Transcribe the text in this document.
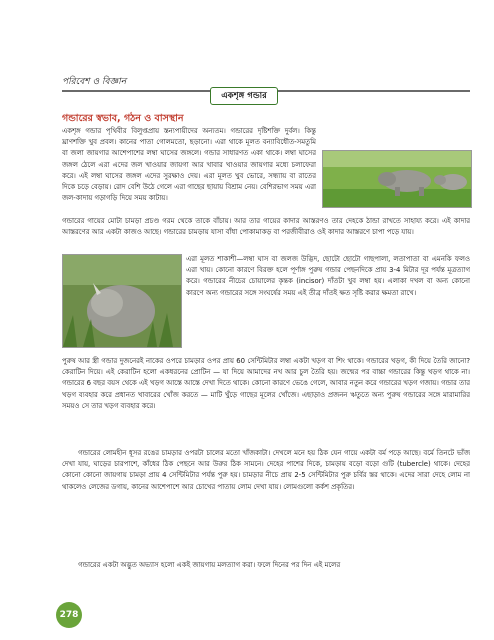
পরিবেশ ও বিজ্ঞান
একশৃঙ্গ গন্ডার
গন্ডারের স্বভাব, গঠন ও বাসস্থান

একশৃঙ্গ গন্ডার পৃথিবীর বিলুপ্তপ্রায় স্তন্যপায়ীদের অন্যতম। গন্ডারের দৃষ্টিশক্তি দুর্বল। কিন্তু ঘ্রাণশক্তি খুব প্রবল। কানের পাতা গোলমতো, ছড়ানো। এরা থাকে মূলত বন্যাবিধৌত-সমতুমি বা জলা জায়গার আশেপাশের লম্বা ঘাসের জঙ্গলে। গন্ডার সাধারণত একা থাকে। লম্বা ঘাসের জঙ্গল ঠেলে এরা এদের জল খাওয়ার জায়গা আর খাবার খাওয়ার জায়গার মধ্যে চলাফেরা করে। এই লম্বা ঘাসের জঙ্গল এদের সুরক্ষাও দেয়। এরা মূলত খুব ভোরে, সন্ধ্যায় বা রাতের দিকে চড়ে বেড়ায়। রোদ বেশি উঠে গেলে এরা গাছের ছায়ায় বিশ্রাম নেয়। বেশিরভাগ সময় এরা জল-কাদায় গড়াগড়ি দিয়ে সময় কাটায়।

গন্ডারের গায়ের মোটা চামড়া প্রচণ্ড গরম থেকে তাকে বাঁচায়। আর তার গায়ের কাদার আস্তরণও তার দেহকে ঠান্ডা রাখতে সাহায্য করে। এই কাদার আস্তরণের আর একটা কাজও আছে। গন্ডারের চামড়ায় যাসা বাঁধা পোকামাকড় বা পরজীবীরাও ওই কাদার আস্তরণে চাপা পড়ে যায়।

এরা মূলত শাকাশী—লম্বা ঘাস বা জলজ উদ্ভিদ, ছোটো ছোটো গাছপালা, লতাপাতা বা এমনকি ফলও এরা খায়। কোনো কারণে বিরক্ত হলে পূর্ণাঙ্গ পুরুষ গন্ডার পেছনদিকে প্রায় 3-4 মিটার দূর পর্যন্ত মূত্রত্যাগ করে। গন্ডারের নীচের চোয়ালের কৃন্তক (incisor) দাঁতটা খুব লম্বা হয়। এলাকা দখল বা অন্য কোনো কারণে অন্য গন্ডারের সঙ্গে সংঘর্ষের সময় এই তীব্র দাঁতই ক্ষত সৃষ্টি করার ক্ষমতা রাখে।

পুরুষ আর স্ত্রী গন্ডার দুজনেরই নাকের ওপরে চামড়ার ওপর প্রায় 60 সেন্টিমিটার লম্বা একটা খড়গ বা শিং থাকে। গন্ডারের খড়গ, কী দিয়ে তৈরি জানো? কেরাটিন দিয়ে। এই কেরাটিন হলো একধরনের প্রোটিন — যা দিয়ে আমাদের নখ আর চুল তৈরি হয়। জন্মের পর বাচ্চা গন্ডারের কিন্তু খড়গ থাকে না। গন্ডারের 6 বছর বয়স থেকে এই খড়গ আস্তে আস্তে দেখা দিতে থাকে। কোনো কারণে ভেঙে গেলে, আবার নতুন করে গন্ডারের খড়গ গজায়। গন্ডার তার খড়গ ব্যবহার করে প্রধানত খাবারের খোঁজ করতে — মাটি খুঁড়ে গাছের মূলের খোঁজে। এছাড়াও প্রজনন ঋতুতে অন্য পুরুষ গন্ডারের সঙ্গে মারামারির সময়ও সে তার খড়গ ব্যবহার করে।

গন্ডারের লোমহীন ধূসর রঙের চামড়ার ওপরটা চালের মতো খাঁজকাটা। দেখলে মনে হয় ঠিক যেন গায়ে একটা বর্ম পড়ে আছে। বর্মে তিনটে ভাঁজ দেখা যায়, ঘাড়ের চারপাশে, কাঁধের ঠিক পেছনে আর উরুর ঠিক সামনে। দেহের পাশের দিকে, চামড়ায় বড়ো বড়ো গুটি (tubercle) থাকে। দেহের কোনো কোনো জায়গায় চামড়া প্রায় 4 সেন্টিমিটার পর্যন্ত পুরু হয়। চামড়ার নীচে প্রায় 2-5 সেন্টিমিটার পুরু চর্বির স্তর থাকে। এদের সারা দেহে লোম না থাকলেও লেজের ডগায়, কানের আশেপাশে আর চোখের পাতায় লোম দেখা যায়। লোমগুলো কর্কশ প্রকৃতির।

গন্ডারের একটা অদ্ভুত অভ্যাস হলো একই জায়গায় মলত্যাগ করা। ফলে দিনের পর দিন এই মলের

278
